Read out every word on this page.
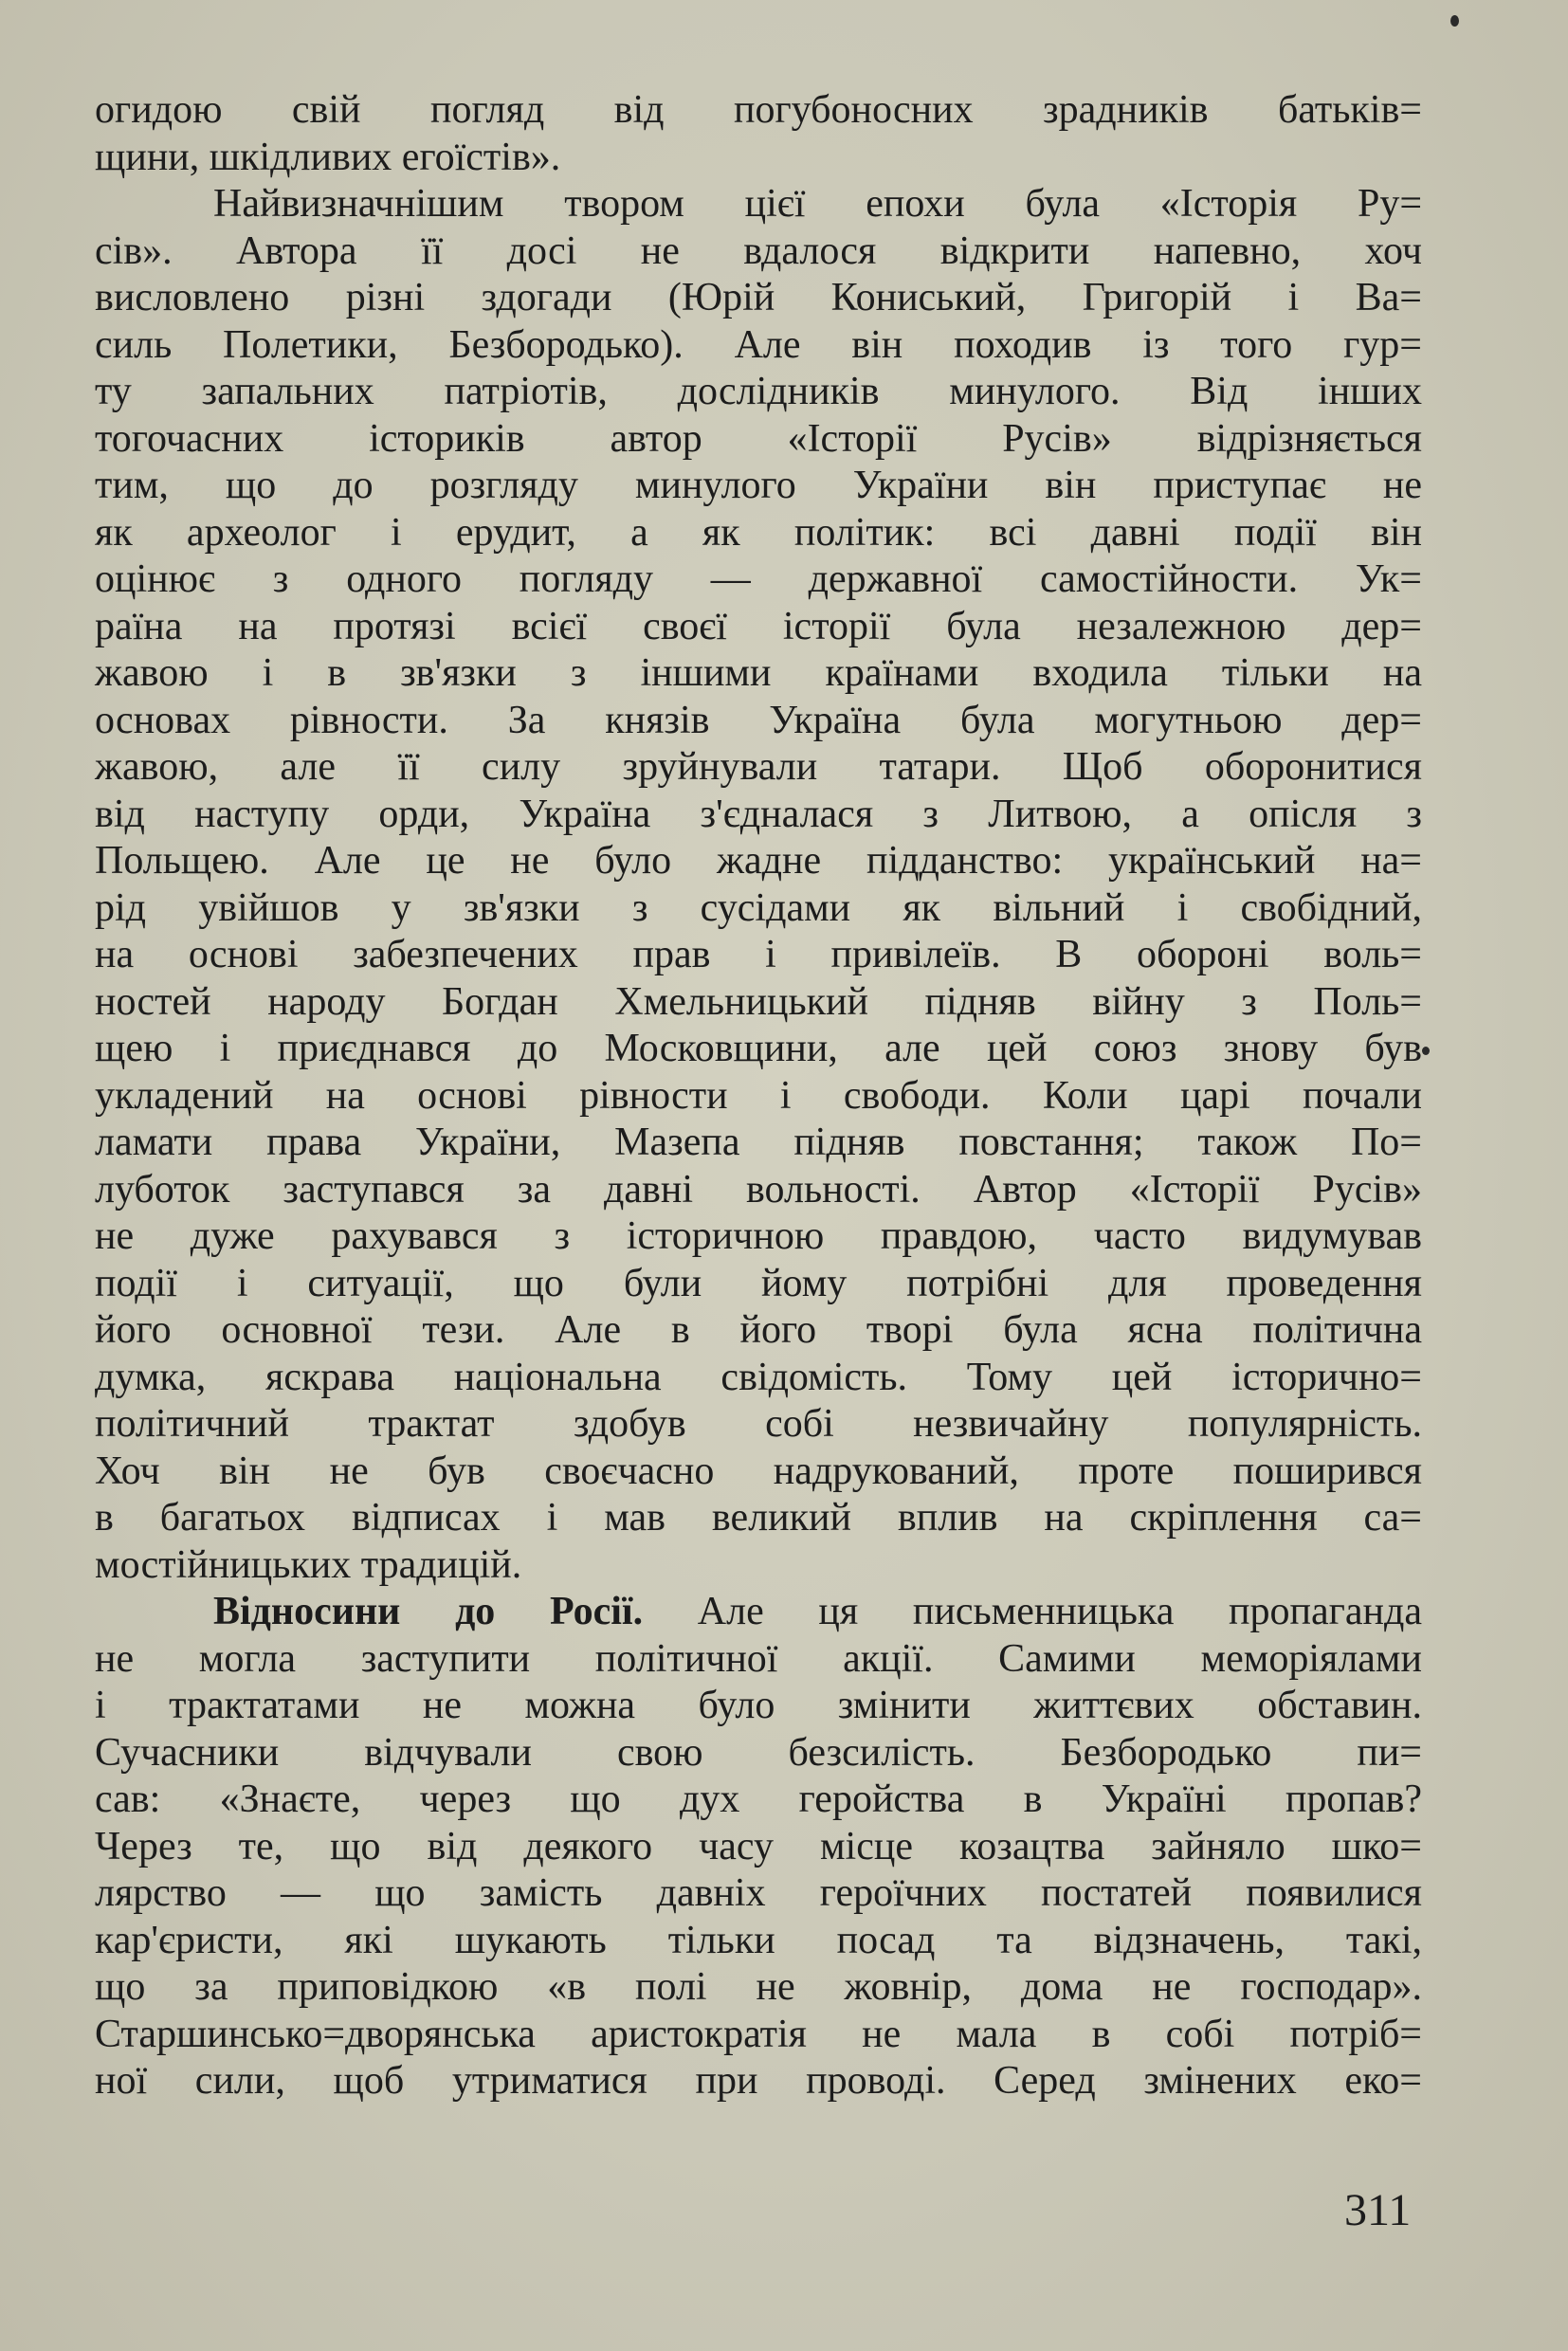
огидою свій погляд від погубоносних зрадників батьків=
щини, шкідливих егоїстів».
Найвизначнішим твором цієї епохи була «Історія Ру=
сів». Автора її досі не вдалося відкрити напевно, хоч
висловлено різні здогади (Юрій Кониський, Григорій і Ва=
силь Полетики, Безбородько). Але він походив із того гур=
ту запальних патріотів, дослідників минулого. Від інших
тогочасних істориків автор «Історії Русів» відрізняється
тим, що до розгляду минулого України він приступає не
як археолог і ерудит, а як політик: всі давні події він
оцінює з одного погляду — державної самостійности. Ук=
раїна на протязі всієї своєї історії була незалежною дер=
жавою і в зв'язки з іншими країнами входила тільки на
основах рівности. За князів Україна була могутньою дер=
жавою, але її силу зруйнували татари. Щоб оборонитися
від наступу орди, Україна з'єдналася з Литвою, а опісля з
Польщею. Але це не було жадне підданство: український на=
рід увійшов у зв'язки з сусідами як вільний і свобідний,
на основі забезпечених прав і привілеїв. В обороні воль=
ностей народу Богдан Хмельницький підняв війну з Поль=
щею і приєднався до Московщини, але цей союз знову був
укладений на основі рівности і свободи. Коли царі почали
ламати права України, Мазепа підняв повстання; також По=
луботок заступався за давні вольності. Автор «Історії Русів»
не дуже рахувався з історичною правдою, часто видумував
події і ситуації, що були йому потрібні для проведення
його основної тези. Але в його творі була ясна політична
думка, яскрава національна свідомість. Тому цей історично=
політичний трактат здобув собі незвичайну популярність.
Хоч він не був своєчасно надрукований, проте поширився
в багатьох відписах і мав великий вплив на скріплення са=
мостійницьких традицій.
Відносини до Росії. Але ця письменницька пропаганда
не могла заступити політичної акції. Самими меморіялами
і трактатами не можна було змінити життєвих обставин.
Сучасники відчували свою безсилість. Безбородько пи=
сав: «Знаєте, через що дух геройства в Україні пропав?
Через те, що від деякого часу місце козацтва зайняло шко=
лярство — що замість давніх героїчних постатей появилися
кар'єристи, які шукають тільки посад та відзначень, такі,
що за приповідкою «в полі не жовнір, дома не господар».
Старшинсько=дворянська аристократія не мала в собі потріб=
ної сили, щоб утриматися при проводі. Серед змінених еко=
311
